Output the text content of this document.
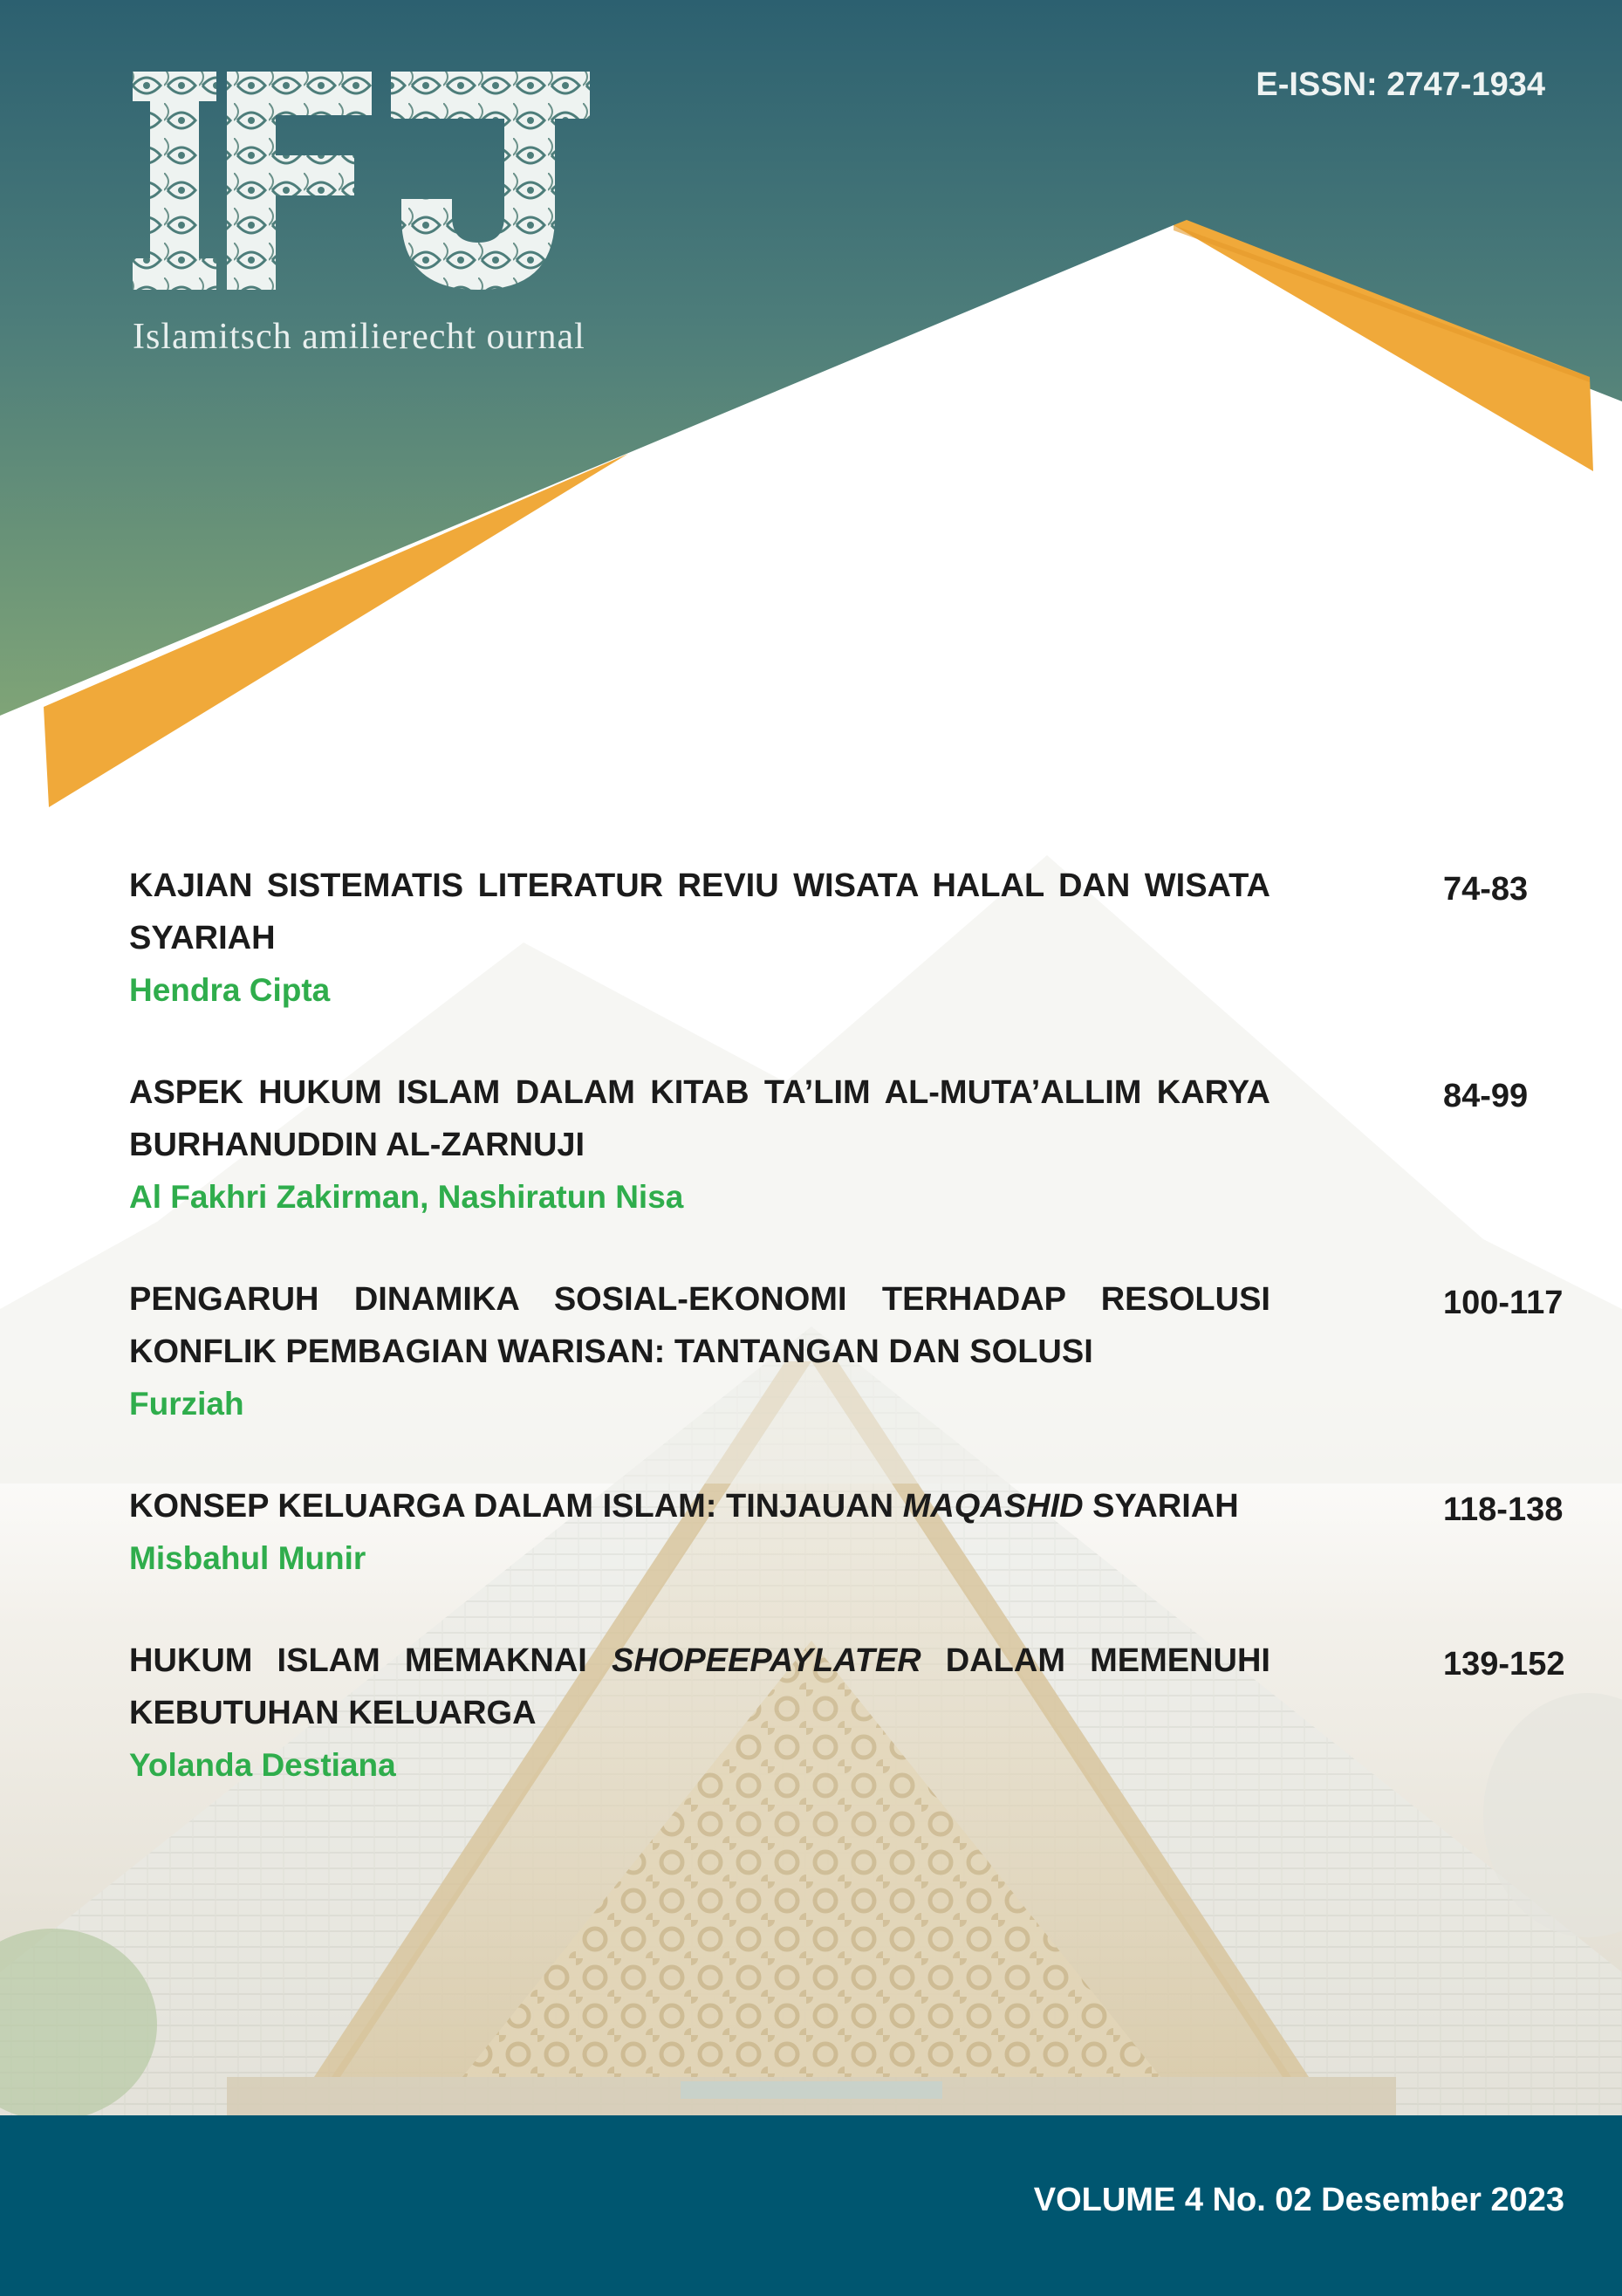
Islamitsch amilierecht ournal
E-ISSN: 2747-1934
KAJIAN SISTEMATIS LITERATUR REVIU WISATA HALAL DAN WISATA SYARIAH
Hendra Cipta
74-83
ASPEK HUKUM ISLAM DALAM KITAB TA’LIM AL-MUTA’ALLIM KARYA BURHANUDDIN AL-ZARNUJI
Al Fakhri Zakirman, Nashiratun Nisa
84-99
PENGARUH DINAMIKA SOSIAL-EKONOMI TERHADAP RESOLUSI KONFLIK PEMBAGIAN WARISAN: TANTANGAN DAN SOLUSI
Furziah
100-117
KONSEP KELUARGA DALAM ISLAM: TINJAUAN MAQASHID SYARIAH
Misbahul Munir
118-138
HUKUM ISLAM MEMAKNAI SHOPEEPAYLATER DALAM MEMENUHI KEBUTUHAN KELUARGA
Yolanda Destiana
139-152
VOLUME 4 No. 02 Desember 2023
